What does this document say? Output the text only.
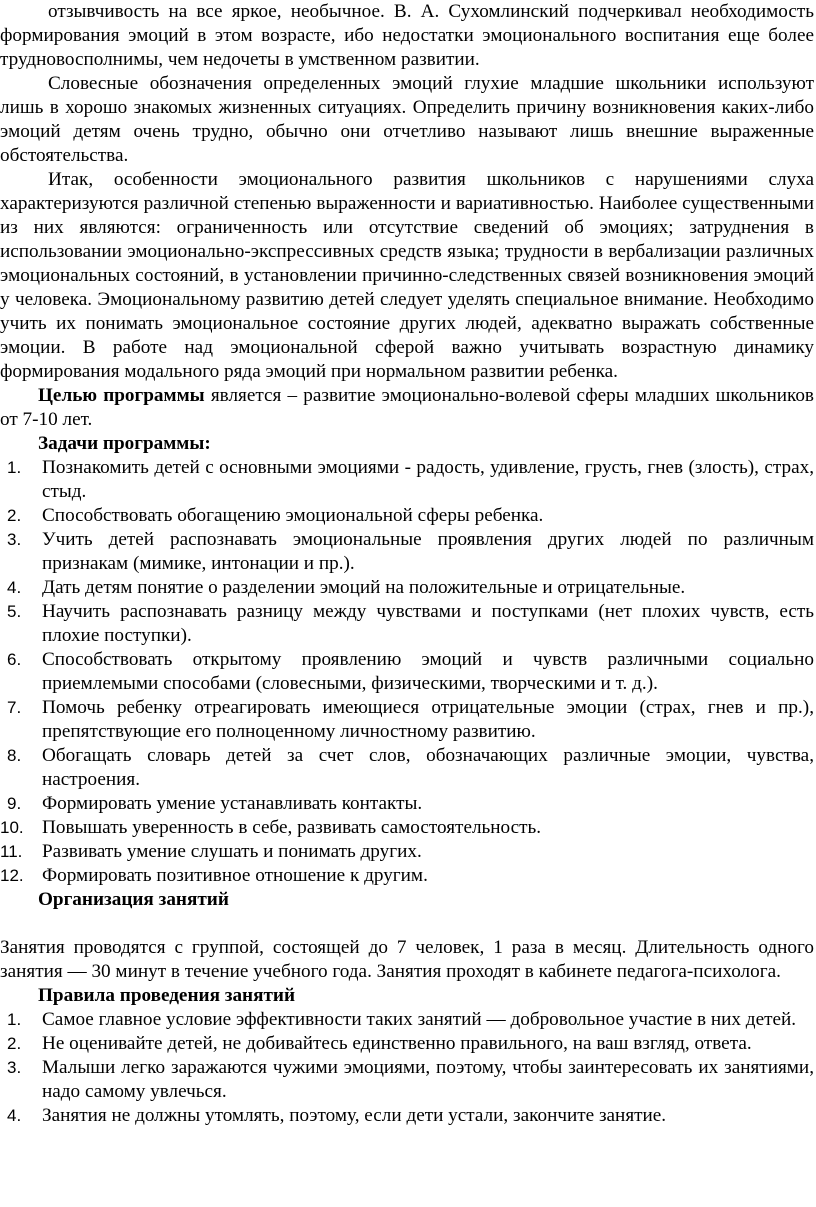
отзывчивость на все яркое, необычное. В. А. Сухомлинский подчеркивал необходимость формирования эмоций в этом возрасте, ибо недостатки эмоционального воспитания еще более трудновосполнимы, чем недочеты в умственном развитии.

Словесные обозначения определенных эмоций глухие младшие школьники используют лишь в хорошо знакомых жизненных ситуациях. Определить причину возникновения каких-либо эмоций детям очень трудно, обычно они отчетливо называют лишь внешние выраженные обстоятельства.

Итак, особенности эмоционального развития школьников с нарушениями слуха характеризуются различной степенью выраженности и вариативностью. Наиболее существенными из них являются: ограниченность или отсутствие сведений об эмоциях; затруднения в использовании эмоционально-экспрессивных средств языка; трудности в вербализации различных эмоциональных состояний, в установлении причинно-следственных связей возникновения эмоций у человека. Эмоциональному развитию детей следует уделять специальное внимание. Необходимо учить их понимать эмоциональное состояние других людей, адекватно выражать собственные эмоции. В работе над эмоциональной сферой важно учитывать возрастную динамику формирования модального ряда эмоций при нормальном развитии ребенка.

Целью программы является – развитие эмоционально-волевой сферы младших школьников от 7-10 лет.

Задачи программы:

1. Познакомить детей с основными эмоциями - радость, удивление, грусть, гнев (злость), страх, стыд.
2. Способствовать обогащению эмоциональной сферы ребенка.
3. Учить детей распознавать эмоциональные проявления других людей по различным признакам (мимике, интонации и пр.).
4. Дать детям понятие о разделении эмоций на положительные и отрицательные.
5. Научить распознавать разницу между чувствами и поступками (нет плохих чувств, есть плохие поступки).
6. Способствовать открытому проявлению эмоций и чувств различными социально приемлемыми способами (словесными, физическими, творческими и т. д.).
7. Помочь ребенку отреагировать имеющиеся отрицательные эмоции (страх, гнев и пр.), препятствующие его полноценному личностному развитию.
8. Обогащать словарь детей за счет слов, обозначающих различные эмоции, чувства, настроения.
9. Формировать умение устанавливать контакты.
10. Повышать уверенность в себе, развивать самостоятельность.
11. Развивать умение слушать и понимать других.
12. Формировать позитивное отношение к другим.

Организация занятий

Занятия проводятся с группой, состоящей до 7 человек, 1 раза в месяц. Длительность одного занятия — 30 минут в течение учебного года. Занятия проходят в кабинете педагога-психолога.

Правила проведения занятий

1. Самое главное условие эффективности таких занятий — добровольное участие в них детей.
2. Не оценивайте детей, не добивайтесь единственно правильного, на ваш взгляд, ответа.
3. Малыши легко заражаются чужими эмоциями, поэтому, чтобы заинтересовать их занятиями, надо самому увлечься.
4. Занятия не должны утомлять, поэтому, если дети устали, закончите занятие.
